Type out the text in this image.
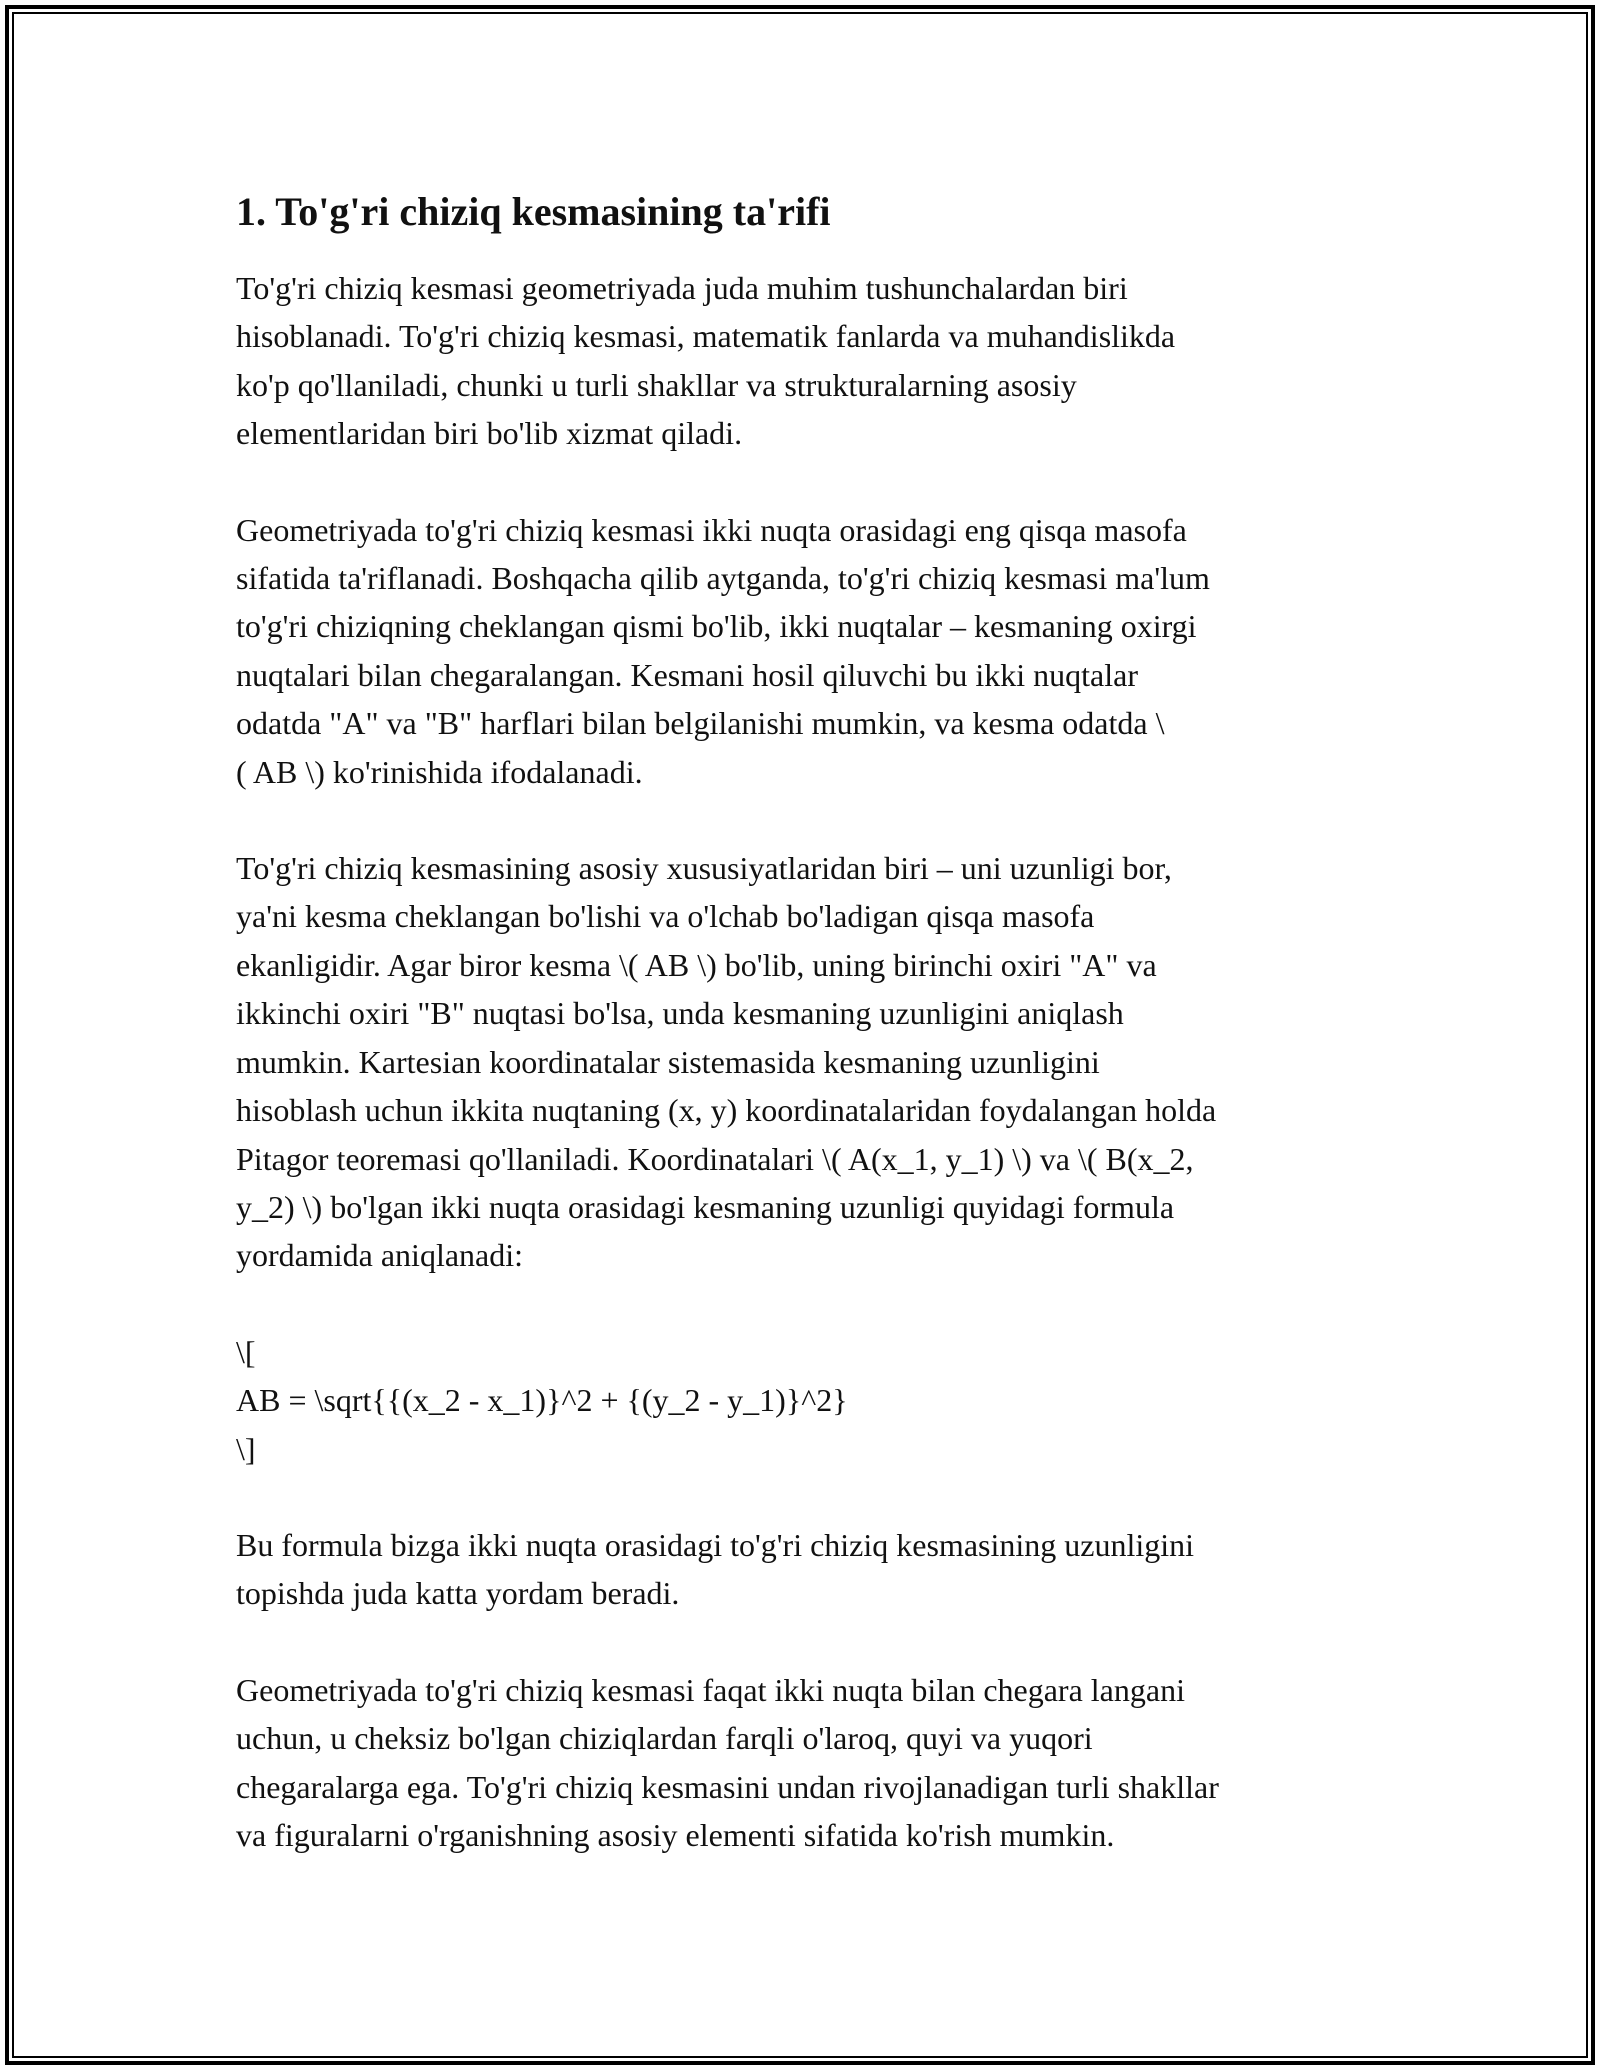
1. To'g'ri chiziq kesmasining ta'rifi

To'g'ri chiziq kesmasi geometriyada juda muhim tushunchalardan biri
hisoblanadi. To'g'ri chiziq kesmasi, matematik fanlarda va muhandislikda
ko'p qo'llaniladi, chunki u turli shakllar va strukturalarning asosiy
elementlaridan biri bo'lib xizmat qiladi.

Geometriyada to'g'ri chiziq kesmasi ikki nuqta orasidagi eng qisqa masofa
sifatida ta'riflanadi. Boshqacha qilib aytganda, to'g'ri chiziq kesmasi ma'lum
to'g'ri chiziqning cheklangan qismi bo'lib, ikki nuqtalar – kesmaning oxirgi
nuqtalari bilan chegaralangan. Kesmani hosil qiluvchi bu ikki nuqtalar
odatda "A" va "B" harflari bilan belgilanishi mumkin, va kesma odatda \
( AB \) ko'rinishida ifodalanadi.

To'g'ri chiziq kesmasining asosiy xususiyatlaridan biri – uni uzunligi bor,
ya'ni kesma cheklangan bo'lishi va o'lchab bo'ladigan qisqa masofa
ekanligidir. Agar biror kesma \( AB \) bo'lib, uning birinchi oxiri "A" va
ikkinchi oxiri "B" nuqtasi bo'lsa, unda kesmaning uzunligini aniqlash
mumkin. Kartesian koordinatalar sistemasida kesmaning uzunligini
hisoblash uchun ikkita nuqtaning (x, y) koordinatalaridan foydalangan holda
Pitagor teoremasi qo'llaniladi. Koordinatalari \( A(x_1, y_1) \) va \( B(x_2,
y_2) \) bo'lgan ikki nuqta orasidagi kesmaning uzunligi quyidagi formula
yordamida aniqlanadi:

\[
AB = \sqrt{{(x_2 - x_1)}^2 + {(y_2 - y_1)}^2}
\]

Bu formula bizga ikki nuqta orasidagi to'g'ri chiziq kesmasining uzunligini
topishda juda katta yordam beradi.

Geometriyada to'g'ri chiziq kesmasi faqat ikki nuqta bilan chegara langani
uchun, u cheksiz bo'lgan chiziqlardan farqli o'laroq, quyi va yuqori
chegaralarga ega. To'g'ri chiziq kesmasini undan rivojlanadigan turli shakllar
va figuralarni o'rganishning asosiy elementi sifatida ko'rish mumkin.
